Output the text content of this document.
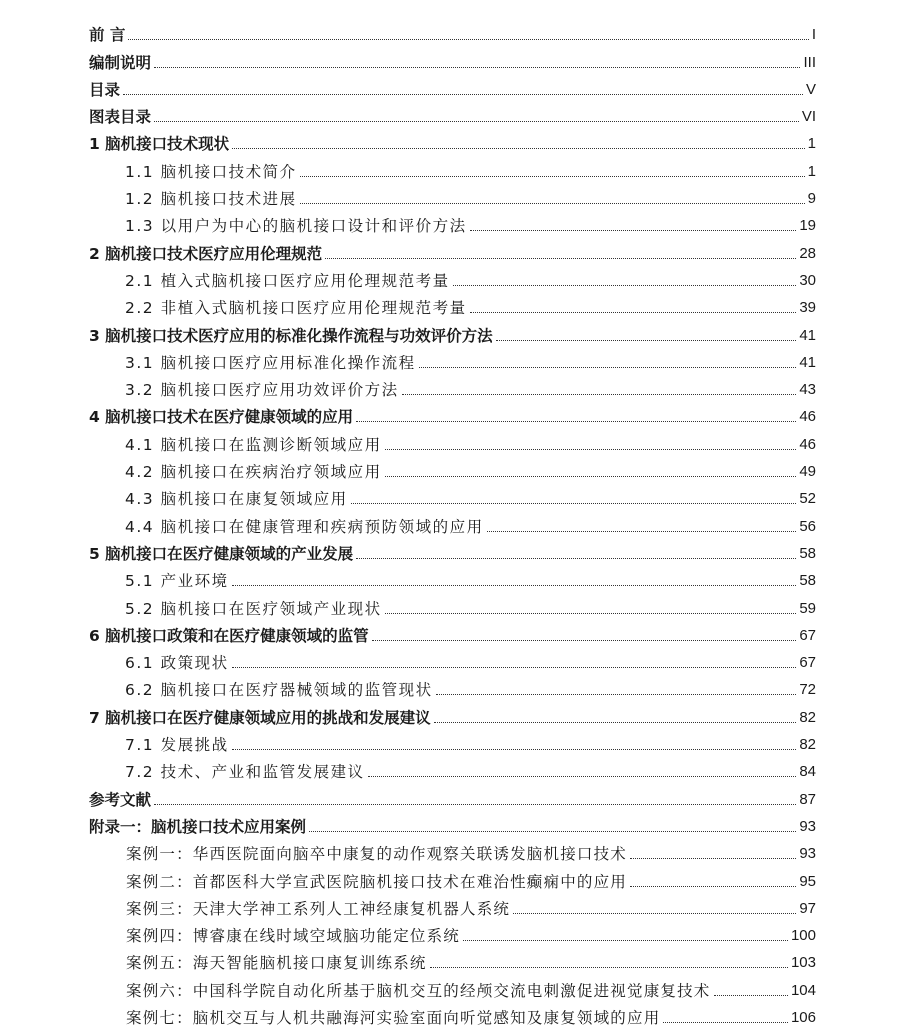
前 言	I
编制说明	III
目录	V
图表目录	VI
1 脑机接口技术现状	1
1.1 脑机接口技术简介	1
1.2 脑机接口技术进展	9
1.3 以用户为中心的脑机接口设计和评价方法	19
2 脑机接口技术医疗应用伦理规范	28
2.1 植入式脑机接口医疗应用伦理规范考量	30
2.2 非植入式脑机接口医疗应用伦理规范考量	39
3 脑机接口技术医疗应用的标准化操作流程与功效评价方法	41
3.1 脑机接口医疗应用标准化操作流程	41
3.2 脑机接口医疗应用功效评价方法	43
4 脑机接口技术在医疗健康领域的应用	46
4.1 脑机接口在监测诊断领域应用	46
4.2 脑机接口在疾病治疗领域应用	49
4.3 脑机接口在康复领域应用	52
4.4 脑机接口在健康管理和疾病预防领域的应用	56
5 脑机接口在医疗健康领域的产业发展	58
5.1 产业环境	58
5.2 脑机接口在医疗领域产业现状	59
6 脑机接口政策和在医疗健康领域的监管	67
6.1 政策现状	67
6.2 脑机接口在医疗器械领域的监管现状	72
7 脑机接口在医疗健康领域应用的挑战和发展建议	82
7.1 发展挑战	82
7.2 技术、产业和监管发展建议	84
参考文献	87
附录一：脑机接口技术应用案例	93
案例一：华西医院面向脑卒中康复的动作观察关联诱发脑机接口技术	93
案例二：首都医科大学宣武医院脑机接口技术在难治性癫痫中的应用	95
案例三：天津大学神工系列人工神经康复机器人系统	97
案例四：博睿康在线时域空域脑功能定位系统	100
案例五：海天智能脑机接口康复训练系统	103
案例六：中国科学院自动化所基于脑机交互的经颅交流电刺激促进视觉康复技术	104
案例七：脑机交互与人机共融海河实验室面向听觉感知及康复领域的应用	106
